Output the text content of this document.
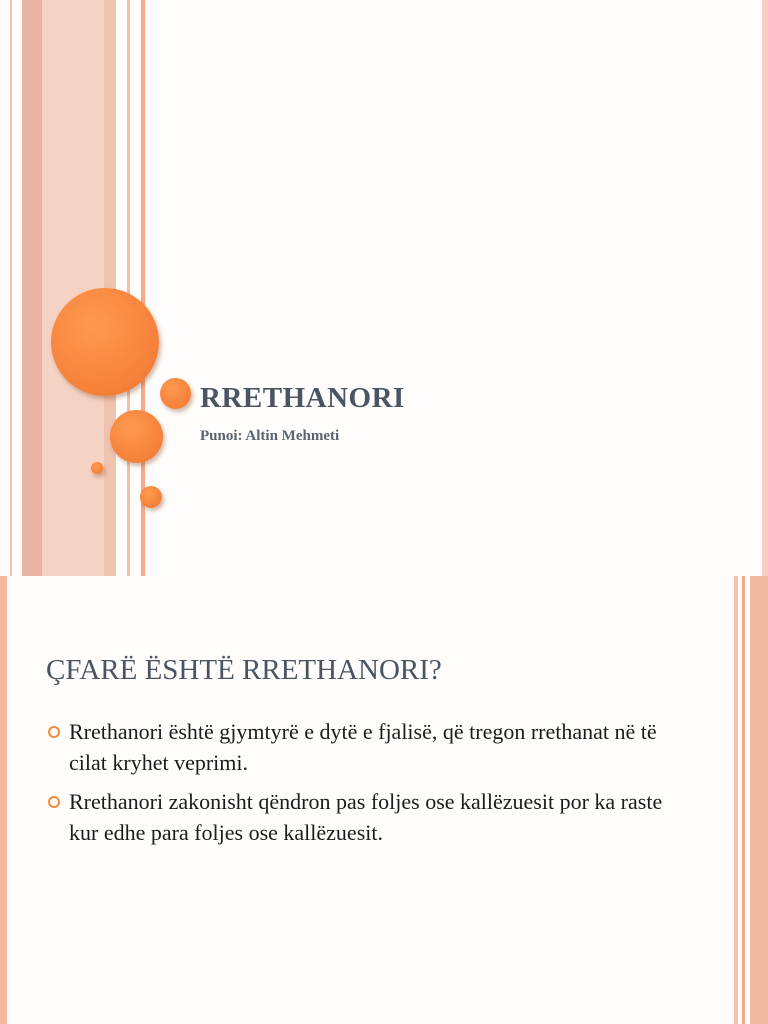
RRETHANORI

Punoi: Altin Mehmeti

ÇFARË ËSHTË RRETHANORI?
Rrethanori është gjymtyrë e dytë e fjalisë, që tregon rrethanat në të cilat kryhet veprimi.
Rrethanori zakonisht qëndron pas foljes ose kallëzuesit por ka raste kur edhe para foljes ose kallëzuesit.
